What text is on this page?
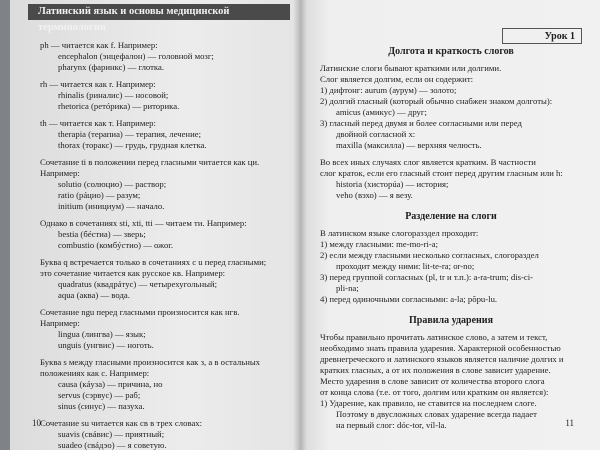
Латинский язык и основы медицинской терминологии
ph — читается как f. Например:
encephalon (энцефалон) — головной мозг;
pharynx (фаринкс) — глотка.
rh — читается как r. Например:
rhinalis (риналис) — носовой;
rhetorica (ретóрика) — риторика.
th — читается как т. Например:
therapia (терапиа) — терапия, лечение;
thorax (торакс) — грудь, грудная клетка.
Сочетание ti в положении перед гласными читается как ци.
Например:
solutio (солюцио) — раствор;
ratio (рáцио) — разум;
initium (инициум) — начало.
Однако в сочетаниях sti, xti, tti — читаем ти. Например:
bestia (бéстиа) — зверь;
combustio (комбýстио) — ожог.
Буква q встречается только в сочетаниях с u перед гласными;
это сочетание читается как русское кв. Например:
quadratus (квадрáтус) — четырехугольный;
aqua (аква) — вода.
Сочетание ngu перед гласными произносится как нгв.
Например:
lingua (лингва) — язык;
unguis (унгвис) — ноготь.
Буква s между гласными произносится как з, а в остальных
положениях как с. Например:
causa (кáуза) — причина, но
servus (сэрвус) — раб;
sinus (синус) — пазуха.
Сочетание su читается как св в трех словах:
suavis (свáвис) — приятный;
suadeo (свáдэо) — я советую.
10
Урок 1
Долгота и краткость слогов
Латинские слоги бывают краткими или долгими.
Слог является долгим, если он содержит:
1) дифтонг: aurum (аурум) — золото;
2) долгий гласный (который обычно снабжен знаком долготы):
amicus (амикус) — друг;
3) гласный перед двумя и более согласными или перед
двойной согласной x:
maxilla (максилла) — верхняя челюсть.
Во всех иных случаях слог является кратким. В частности
слог краток, если его гласный стоит перед другим гласным или h:
historia (хисторúа) — история;
veho (вэхо) — я везу.
Разделение на слоги
В латинском языке слогоразздел проходит:
1) между гласными: me-mo-ri-a;
2) если между гласными несколько согласных, слогораздел
проходит между ними: lit-te-ra; or-no;
3) перед группой согласных (pl, tr и т.п.): a-ra-trum; dis-ci-
pli-na;
4) перед одиночными согласными: a-la; põpu-lu.
Правила ударения
Чтобы правильно прочитать латинское слово, а затем и текст,
необходимо знать правила ударения. Характерной особенностью
древнегреческого и латинского языков является наличие долгих и
кратких гласных, а от их положения в слове зависит ударение.
Место ударения в слове зависит от количества второго слога
от конца слова (т.е. от того, долгим или кратким он является):
1) Ударение, как правило, не ставится на последнем слоге.
Поэтому в двусложных словах ударение всегда падает
на первый слог: dóc-tor, víl-la.	11
